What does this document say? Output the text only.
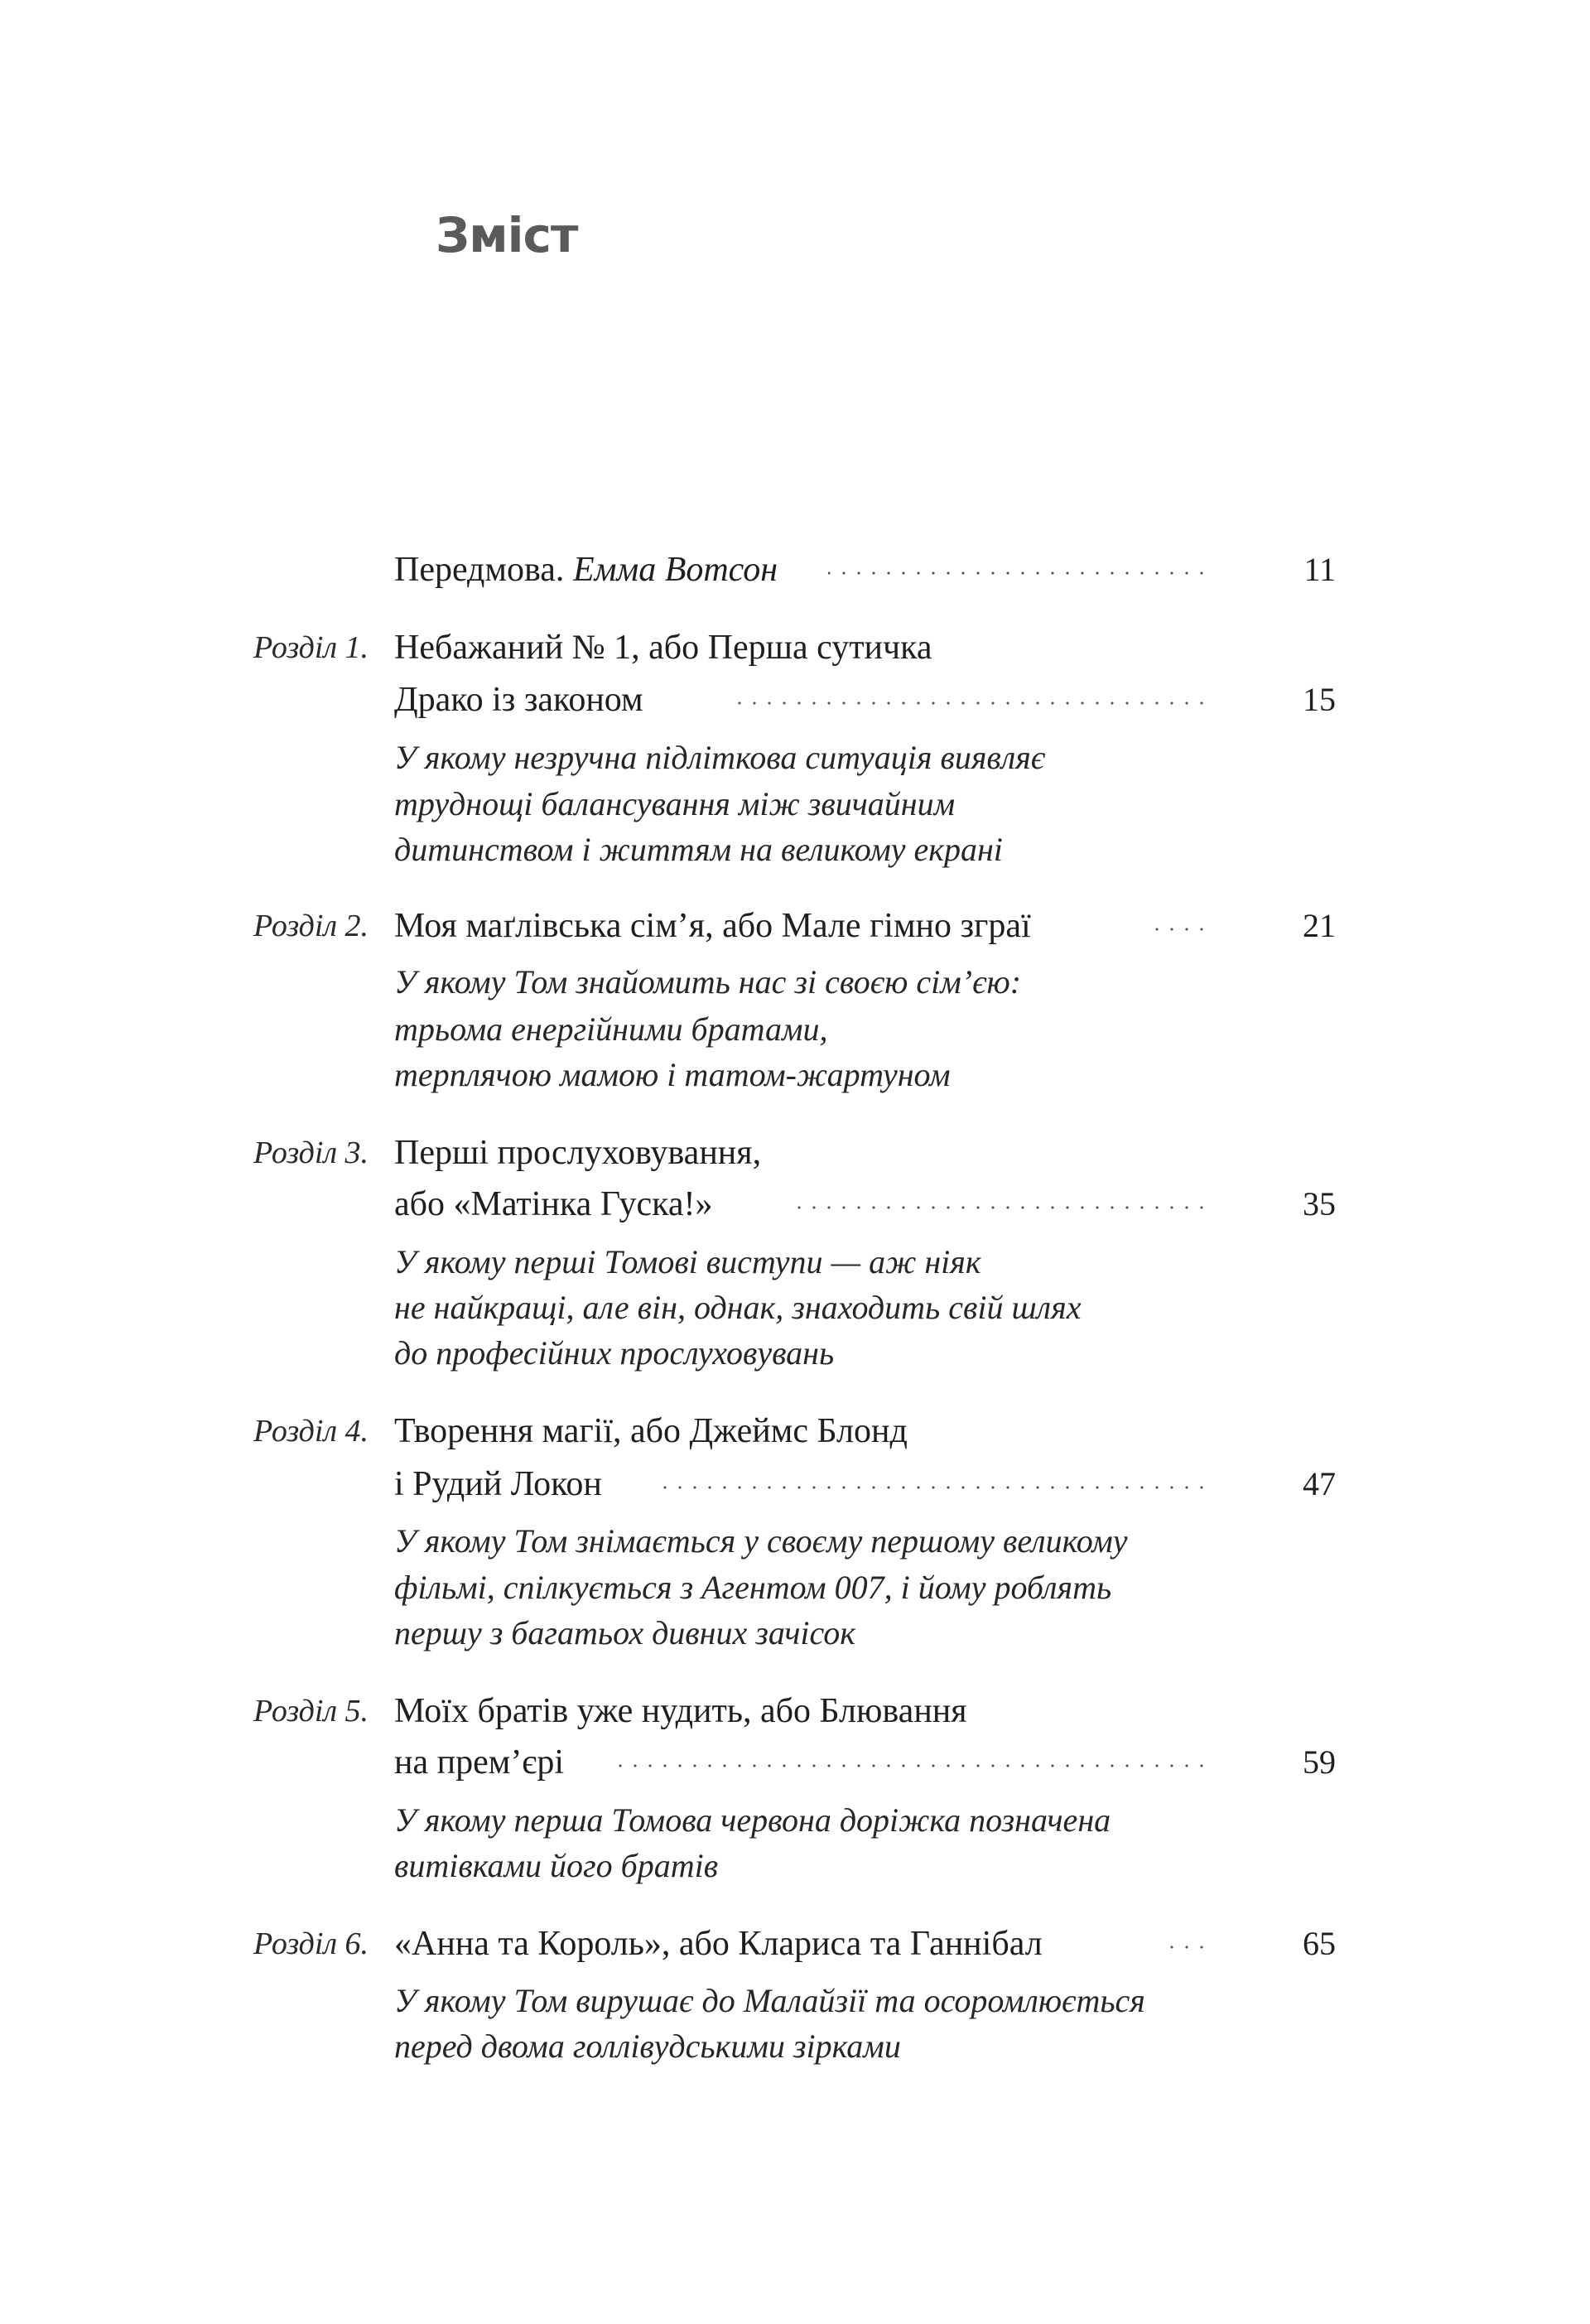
Зміст
Передмова. Емма Вотсон	11
Розділ 1. Небажаний № 1, або Перша сутичка
Драко із законом	15
У якому незручна підліткова ситуація виявляє
труднощі балансування між звичайним
дитинством і життям на великому екрані
Розділ 2. Моя маґлівська сім’я, або Мале гімно зграї	21
У якому Том знайомить нас зі своєю сім’єю:
трьома енергійними братами,
терплячою мамою і татом-жартуном
Розділ 3. Перші прослуховування,
або «Матінка Гуска!»	35
У якому перші Томові виступи — аж ніяк
не найкращі, але він, однак, знаходить свій шлях
до професійних прослуховувань
Розділ 4. Творення магії, або Джеймс Блонд
і Рудий Локон	47
У якому Том знімається у своєму першому великому
фільмі, спілкується з Агентом 007, і йому роблять
першу з багатьох дивних зачісок
Розділ 5. Моїх братів уже нудить, або Блювання
на прем’єрі	59
У якому перша Томова червона доріжка позначена
витівками його братів
Розділ 6. «Анна та Король», або Клариса та Ганнібал	65
У якому Том вирушає до Малайзії та осоромлюється
перед двома голлівудськими зірками
